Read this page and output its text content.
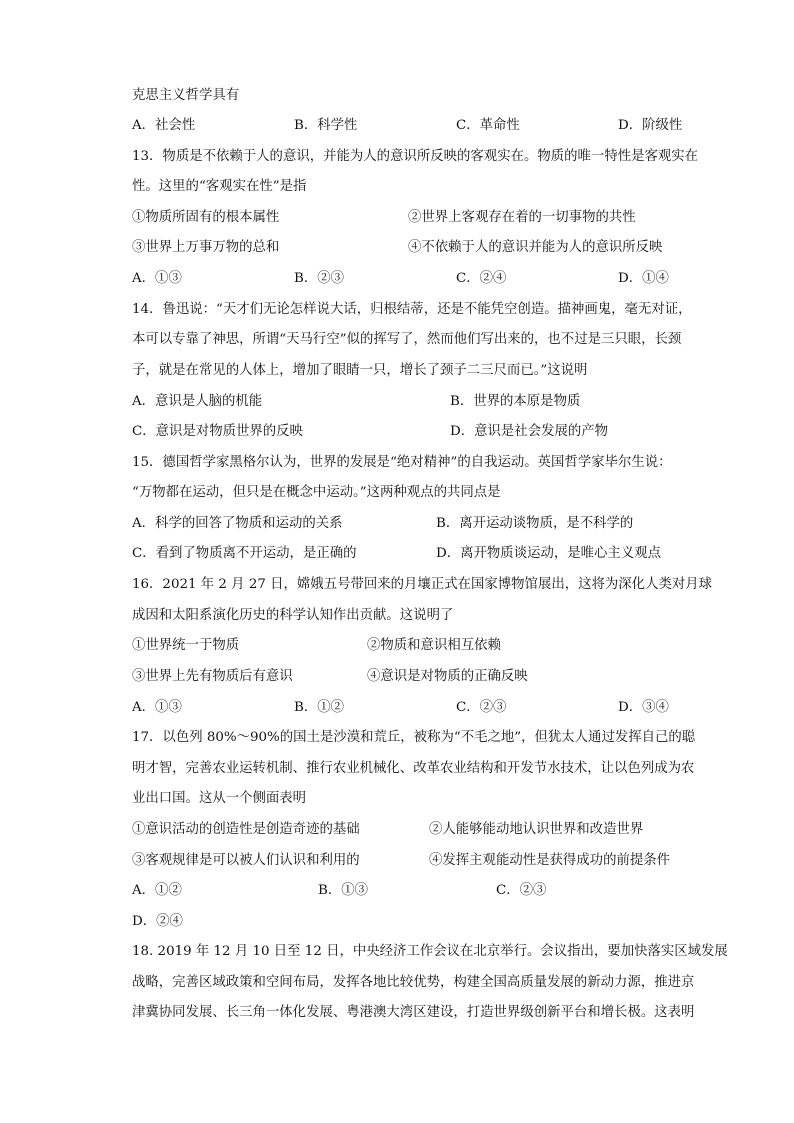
克思主义哲学具有
A．社会性	B．科学性	C．革命性	D．阶级性
13．物质是不依赖于人的意识，并能为人的意识所反映的客观实在。物质的唯一特性是客观实在
性。这里的“客观实在性”是指
①物质所固有的根本属性	②世界上客观存在着的一切事物的共性
③世界上万事万物的总和	④不依赖于人的意识并能为人的意识所反映
A．①③	B．②③	C．②④	D．①④
14．鲁迅说：“天才们无论怎样说大话，归根结蒂，还是不能凭空创造。描神画鬼，毫无对证，
本可以专靠了神思，所谓“天马行空”似的挥写了，然而他们写出来的，也不过是三只眼，长颈
子，就是在常见的人体上，增加了眼睛一只，增长了颈子二三尺而已。”这说明
A．意识是人脑的机能	B．世界的本原是物质
C．意识是对物质世界的反映	D．意识是社会发展的产物
15．德国哲学家黑格尔认为，世界的发展是“绝对精神”的自我运动。英国哲学家毕尔生说：
“万物都在运动，但只是在概念中运动。”这两种观点的共同点是
A．科学的回答了物质和运动的关系	B．离开运动谈物质，是不科学的
C．看到了物质离不开运动，是正确的	D．离开物质谈运动，是唯心主义观点
16．2021 年 2 月 27 日，嫦娥五号带回来的月壤正式在国家博物馆展出，这将为深化人类对月球
成因和太阳系演化历史的科学认知作出贡献。这说明了
①世界统一于物质	②物质和意识相互依赖
③世界上先有物质后有意识	④意识是对物质的正确反映
A．①③	B．①②	C．②③	D．③④
17．以色列 80%～90%的国土是沙漠和荒丘，被称为“不毛之地”，但犹太人通过发挥自己的聪
明才智，完善农业运转机制、推行农业机械化、改革农业结构和开发节水技术，让以色列成为农
业出口国。这从一个侧面表明
①意识活动的创造性是创造奇迹的基础	②人能够能动地认识世界和改造世界
③客观规律是可以被人们认识和利用的	④发挥主观能动性是获得成功的前提条件
A．①②	B．①③	C．②③
D．②④
18. 2019 年 12 月 10 日至 12 日，中央经济工作会议在北京举行。会议指出，要加快落实区域发展
战略，完善区域政策和空间布局，发挥各地比较优势，构建全国高质量发展的新动力源，推进京
津冀协同发展、长三角一体化发展、粤港澳大湾区建设，打造世界级创新平台和增长极。这表明
